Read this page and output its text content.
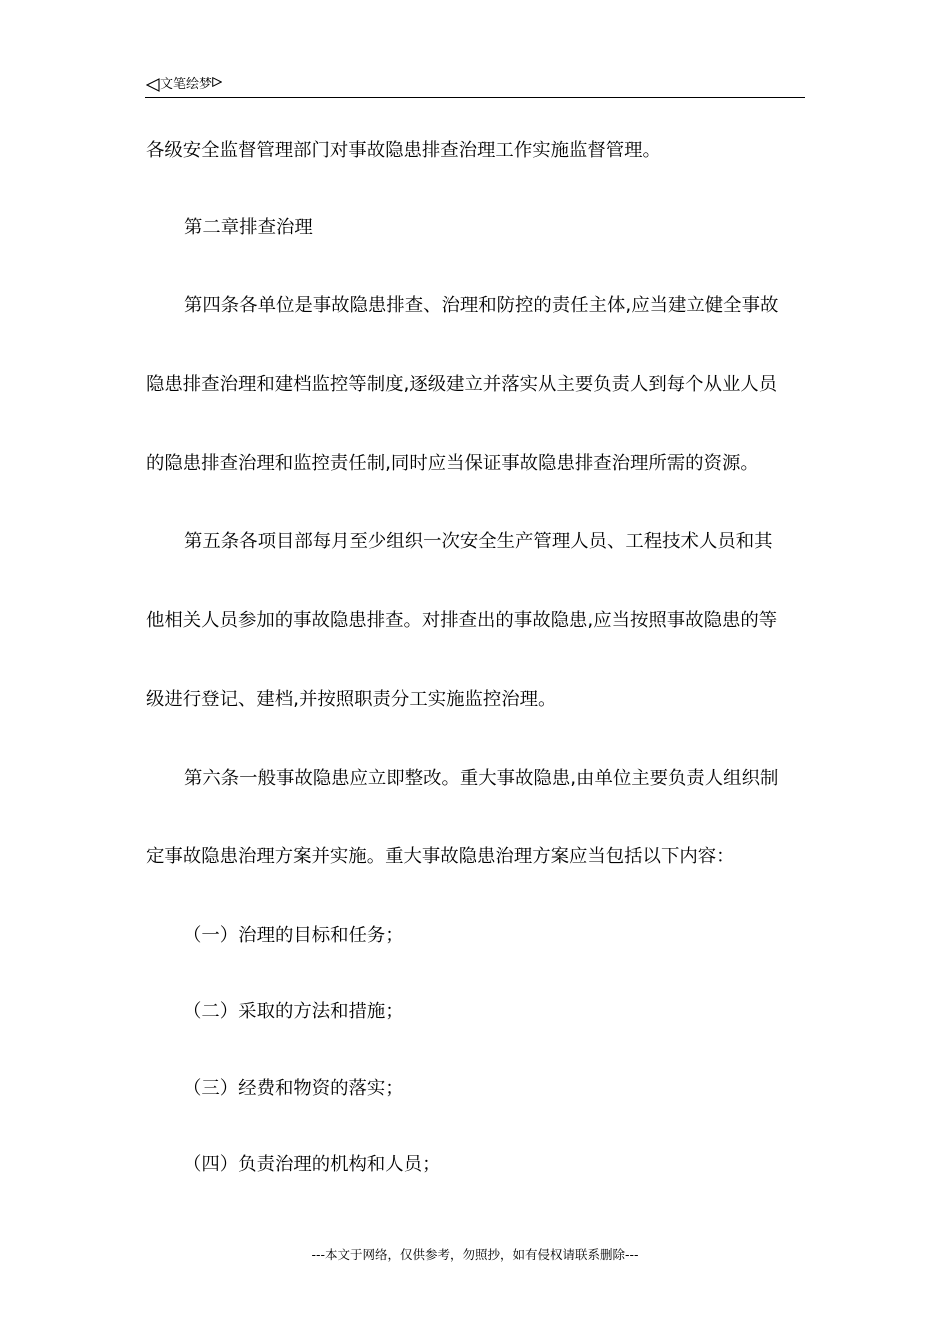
文笔绘梦
各级安全监督管理部门对事故隐患排查治理工作实施监督管理。
第二章排查治理
第四条各单位是事故隐患排查、治理和防控的责任主体,应当建立健全事故
隐患排查治理和建档监控等制度,逐级建立并落实从主要负责人到每个从业人员
的隐患排查治理和监控责任制,同时应当保证事故隐患排查治理所需的资源。
第五条各项目部每月至少组织一次安全生产管理人员、工程技术人员和其
他相关人员参加的事故隐患排查。对排查出的事故隐患,应当按照事故隐患的等
级进行登记、建档,并按照职责分工实施监控治理。
第六条一般事故隐患应立即整改。重大事故隐患,由单位主要负责人组织制
定事故隐患治理方案并实施。重大事故隐患治理方案应当包括以下内容：
（一）治理的目标和任务；
（二）采取的方法和措施；
（三）经费和物资的落实；
（四）负责治理的机构和人员；
---本文于网络，仅供参考，勿照抄，如有侵权请联系删除---
